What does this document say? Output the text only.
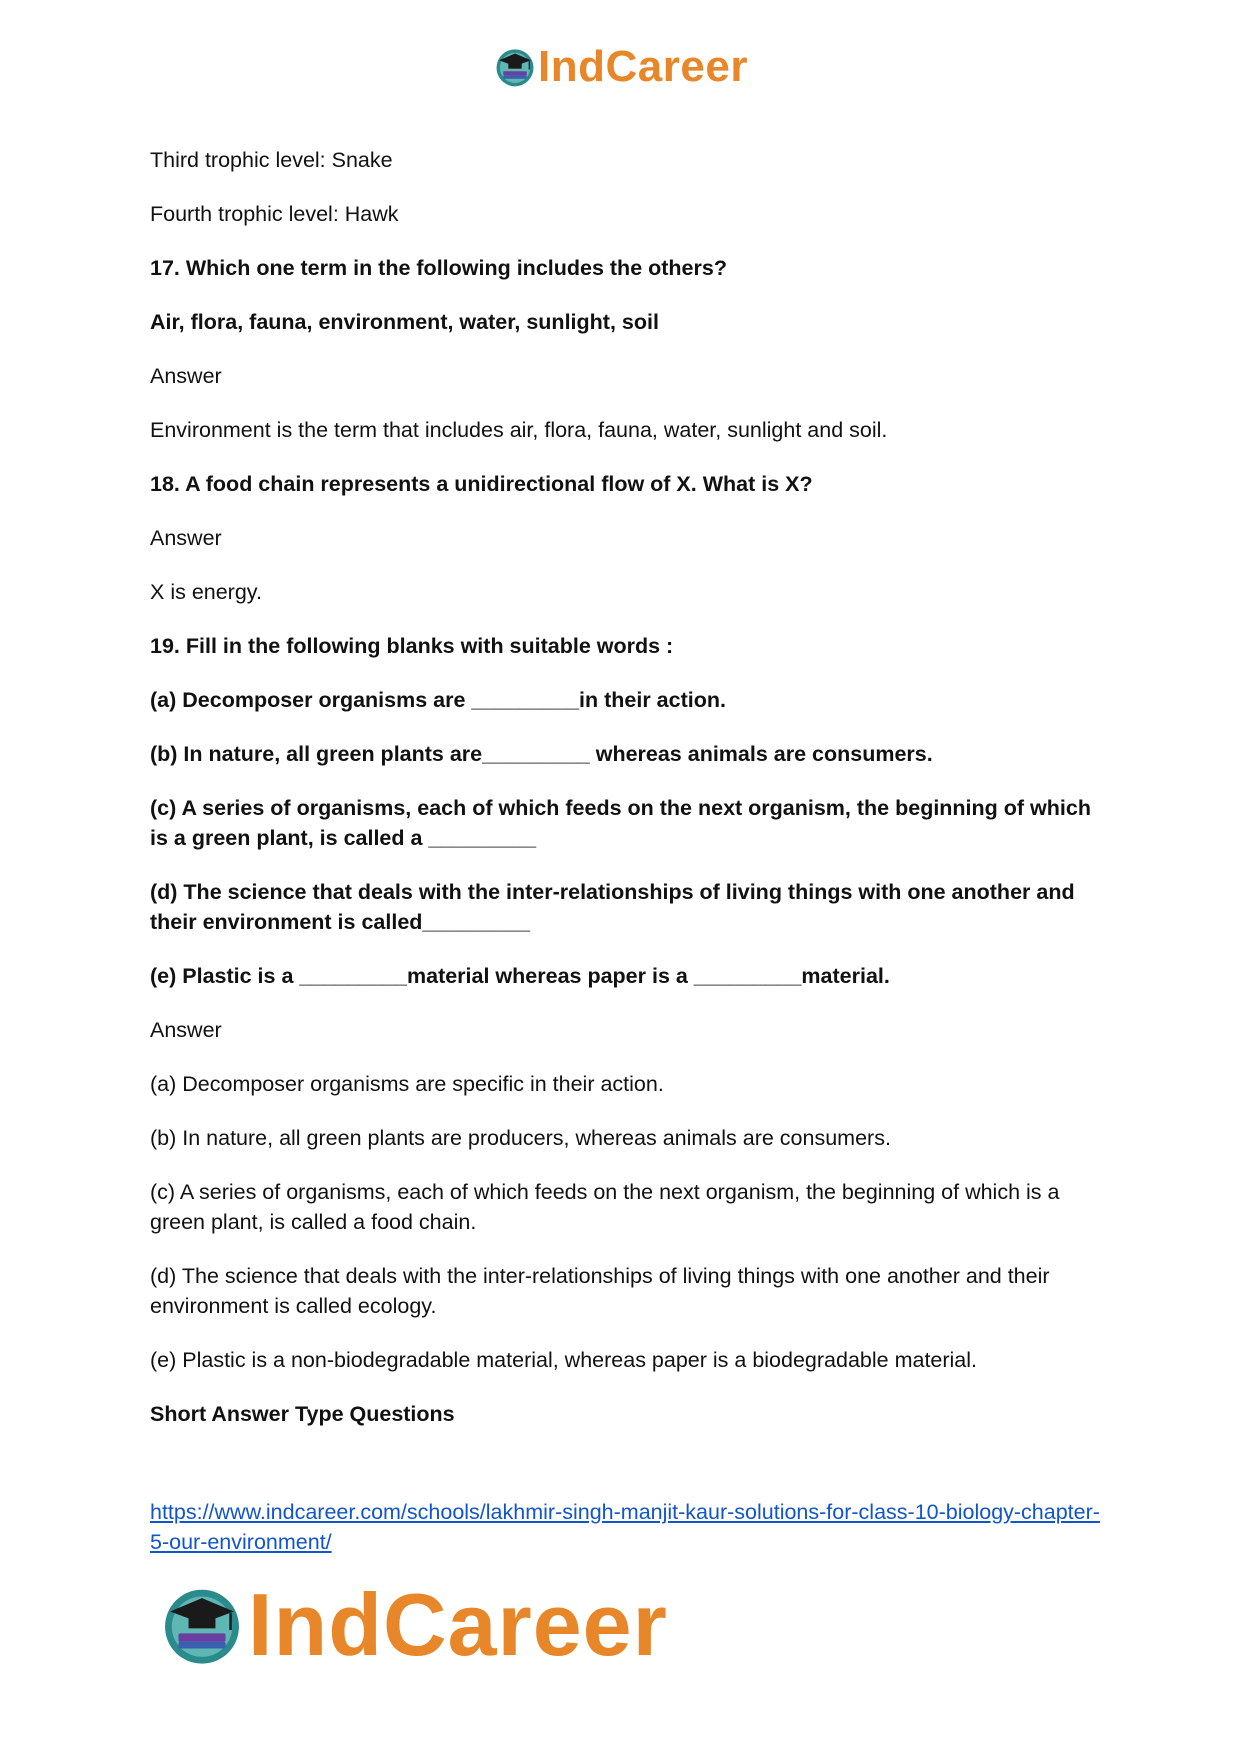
IndCareer

Third trophic level: Snake

Fourth trophic level: Hawk

17. Which one term in the following includes the others?

Air, flora, fauna, environment, water, sunlight, soil

Answer

Environment is the term that includes air, flora, fauna, water, sunlight and soil.

18. A food chain represents a unidirectional flow of X. What is X?

Answer

X is energy.

19. Fill in the following blanks with suitable words :

(a) Decomposer organisms are _________in their action.

(b) In nature, all green plants are_________ whereas animals are consumers.

(c) A series of organisms, each of which feeds on the next organism, the beginning of which is a green plant, is called a _________

(d) The science that deals with the inter-relationships of living things with one another and their environment is called_________

(e) Plastic is a _________material whereas paper is a _________material.

Answer

(a) Decomposer organisms are specific in their action.

(b) In nature, all green plants are producers, whereas animals are consumers.

(c) A series of organisms, each of which feeds on the next organism, the beginning of which is a green plant, is called a food chain.

(d) The science that deals with the inter-relationships of living things with one another and their environment is called ecology.

(e) Plastic is a non-biodegradable material, whereas paper is a biodegradable material.

Short Answer Type Questions

https://www.indcareer.com/schools/lakhmir-singh-manjit-kaur-solutions-for-class-10-biology-chapter-5-our-environment/
IndCareer
